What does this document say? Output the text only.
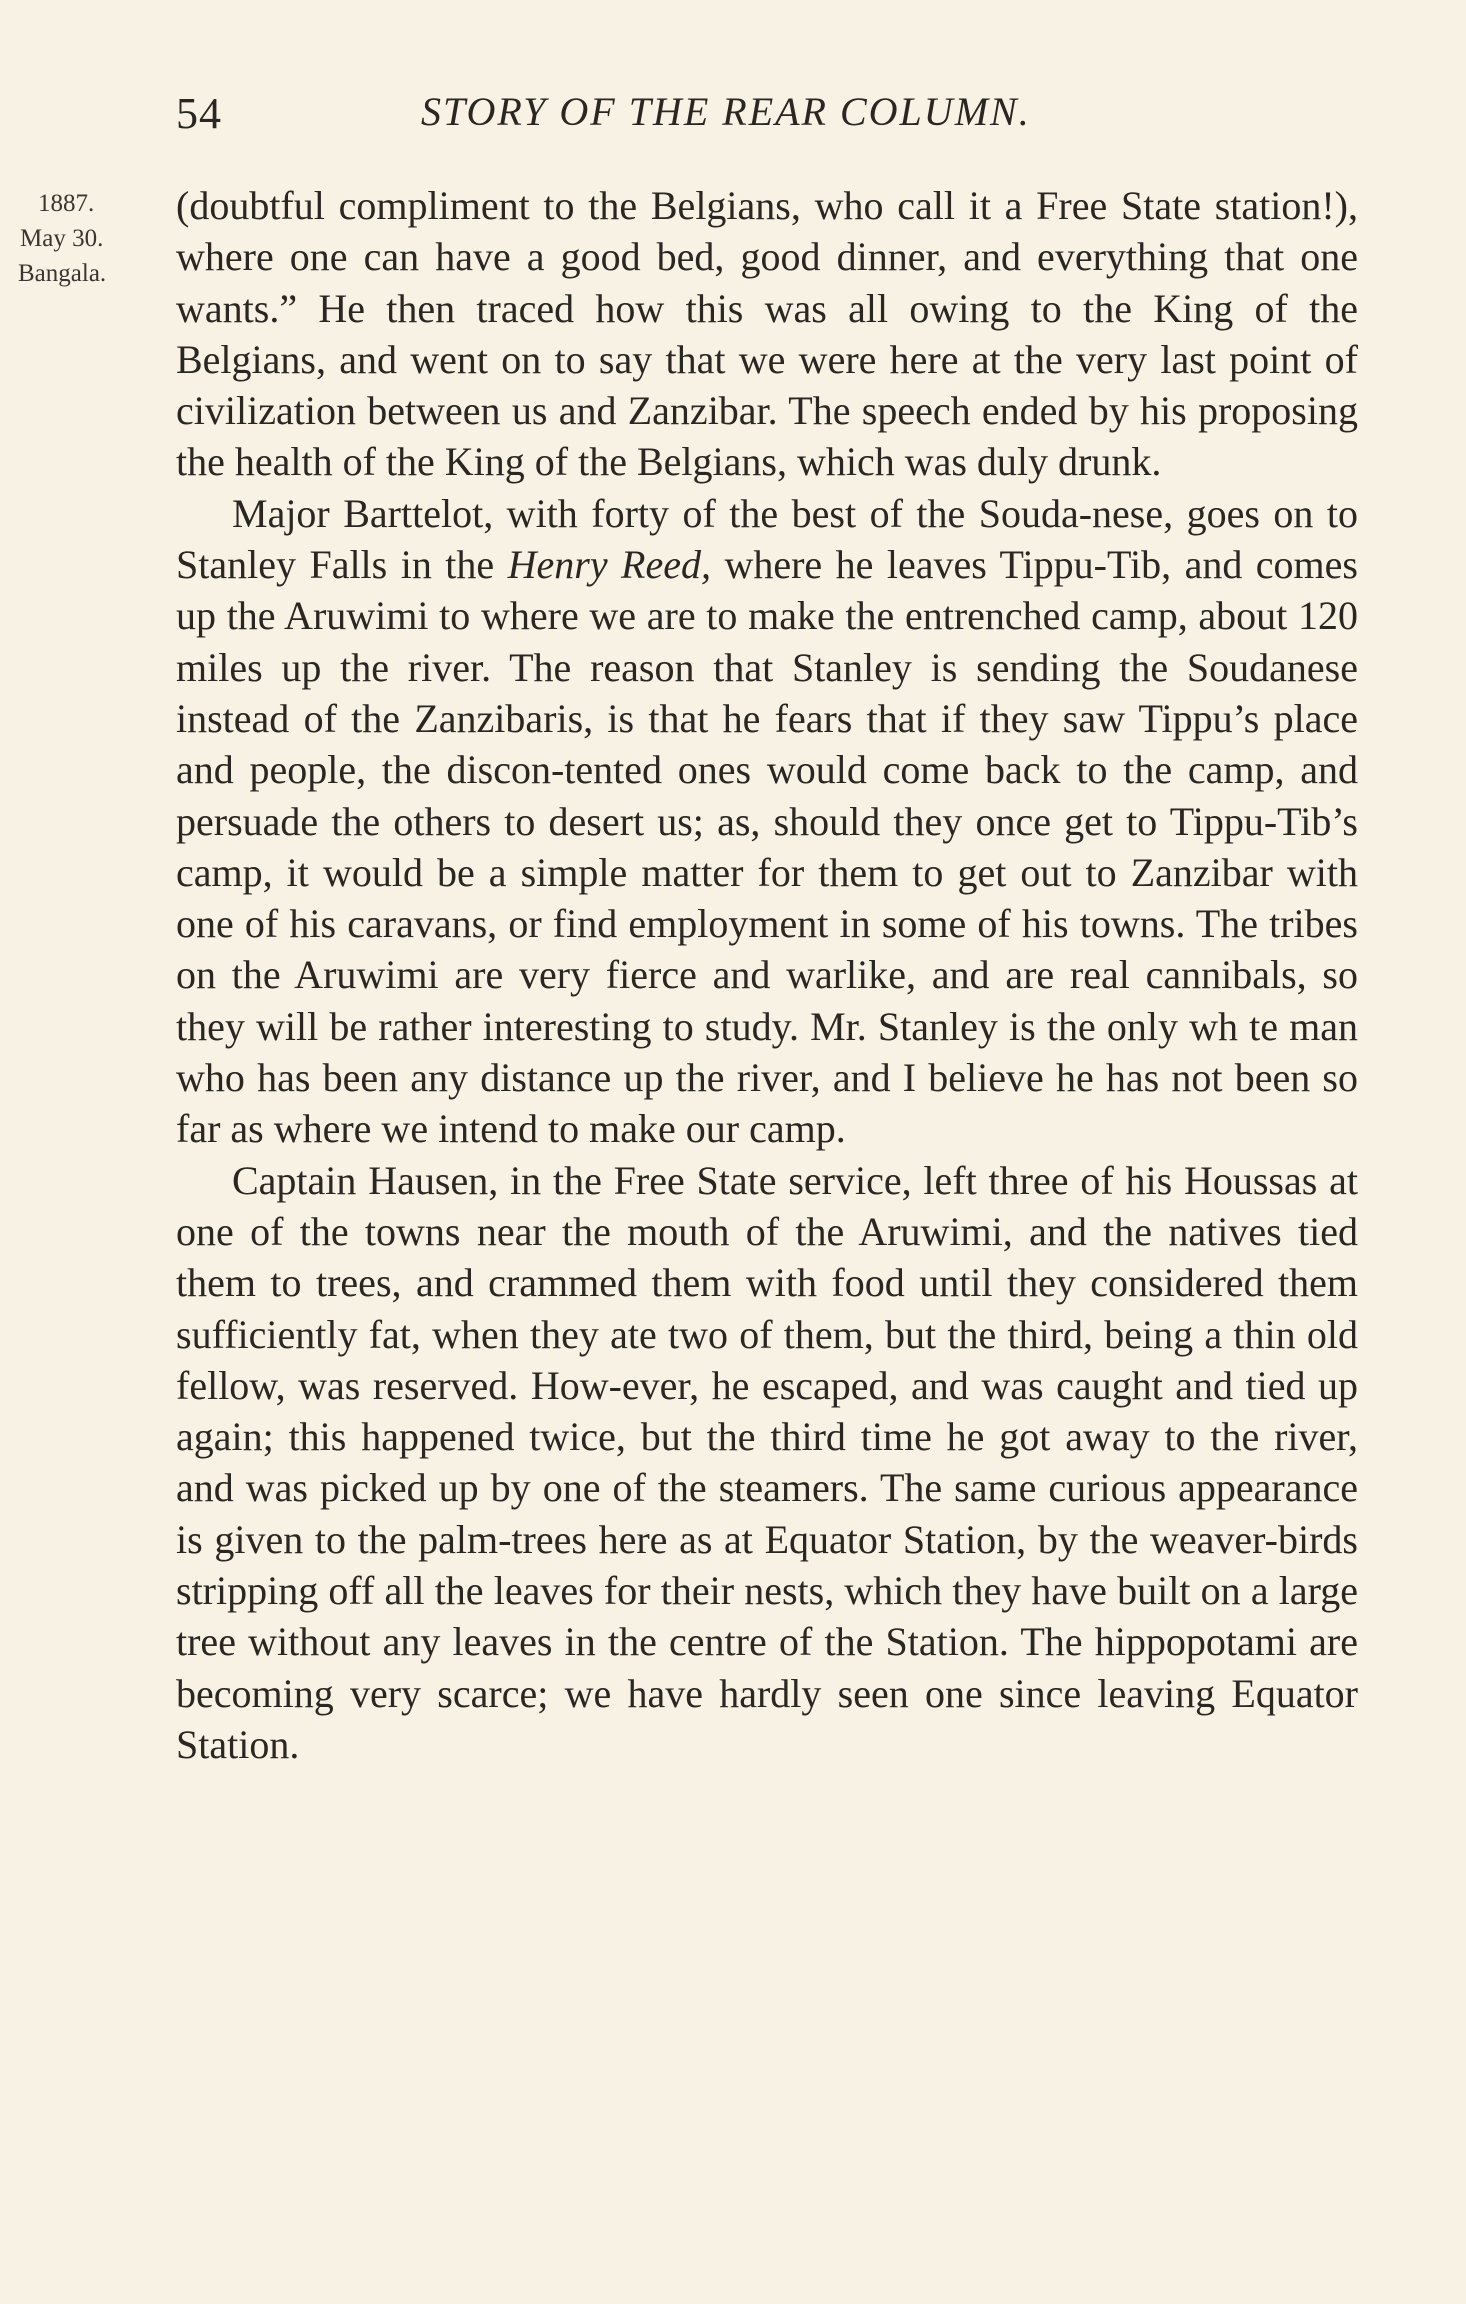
54	STORY OF THE REAR COLUMN.
1887.
May 30.
Bangala.

(doubtful compliment to the Belgians, who call it a Free State station!), where one can have a good bed, good dinner, and everything that one wants.” He then traced how this was all owing to the King of the Belgians, and went on to say that we were here at the very last point of civilization between us and Zanzibar. The speech ended by his proposing the health of the King of the Belgians, which was duly drunk.

Major Barttelot, with forty of the best of the Souda-nese, goes on to Stanley Falls in the Henry Reed, where he leaves Tippu-Tib, and comes up the Aruwimi to where we are to make the entrenched camp, about 120 miles up the river. The reason that Stanley is sending the Soudanese instead of the Zanzibaris, is that he fears that if they saw Tippu’s place and people, the discon-tented ones would come back to the camp, and persuade the others to desert us; as, should they once get to Tippu-Tib’s camp, it would be a simple matter for them to get out to Zanzibar with one of his caravans, or find employment in some of his towns. The tribes on the Aruwimi are very fierce and warlike, and are real cannibals, so they will be rather interesting to study. Mr. Stanley is the only wh te man who has been any distance up the river, and I believe he has not been so far as where we intend to make our camp.

Captain Hausen, in the Free State service, left three of his Houssas at one of the towns near the mouth of the Aruwimi, and the natives tied them to trees, and crammed them with food until they considered them sufficiently fat, when they ate two of them, but the third, being a thin old fellow, was reserved. How-ever, he escaped, and was caught and tied up again; this happened twice, but the third time he got away to the river, and was picked up by one of the steamers. The same curious appearance is given to the palm-trees here as at Equator Station, by the weaver-birds stripping off all the leaves for their nests, which they have built on a large tree without any leaves in the centre of the Station. The hippopotami are becoming very scarce; we have hardly seen one since leaving Equator Station.
